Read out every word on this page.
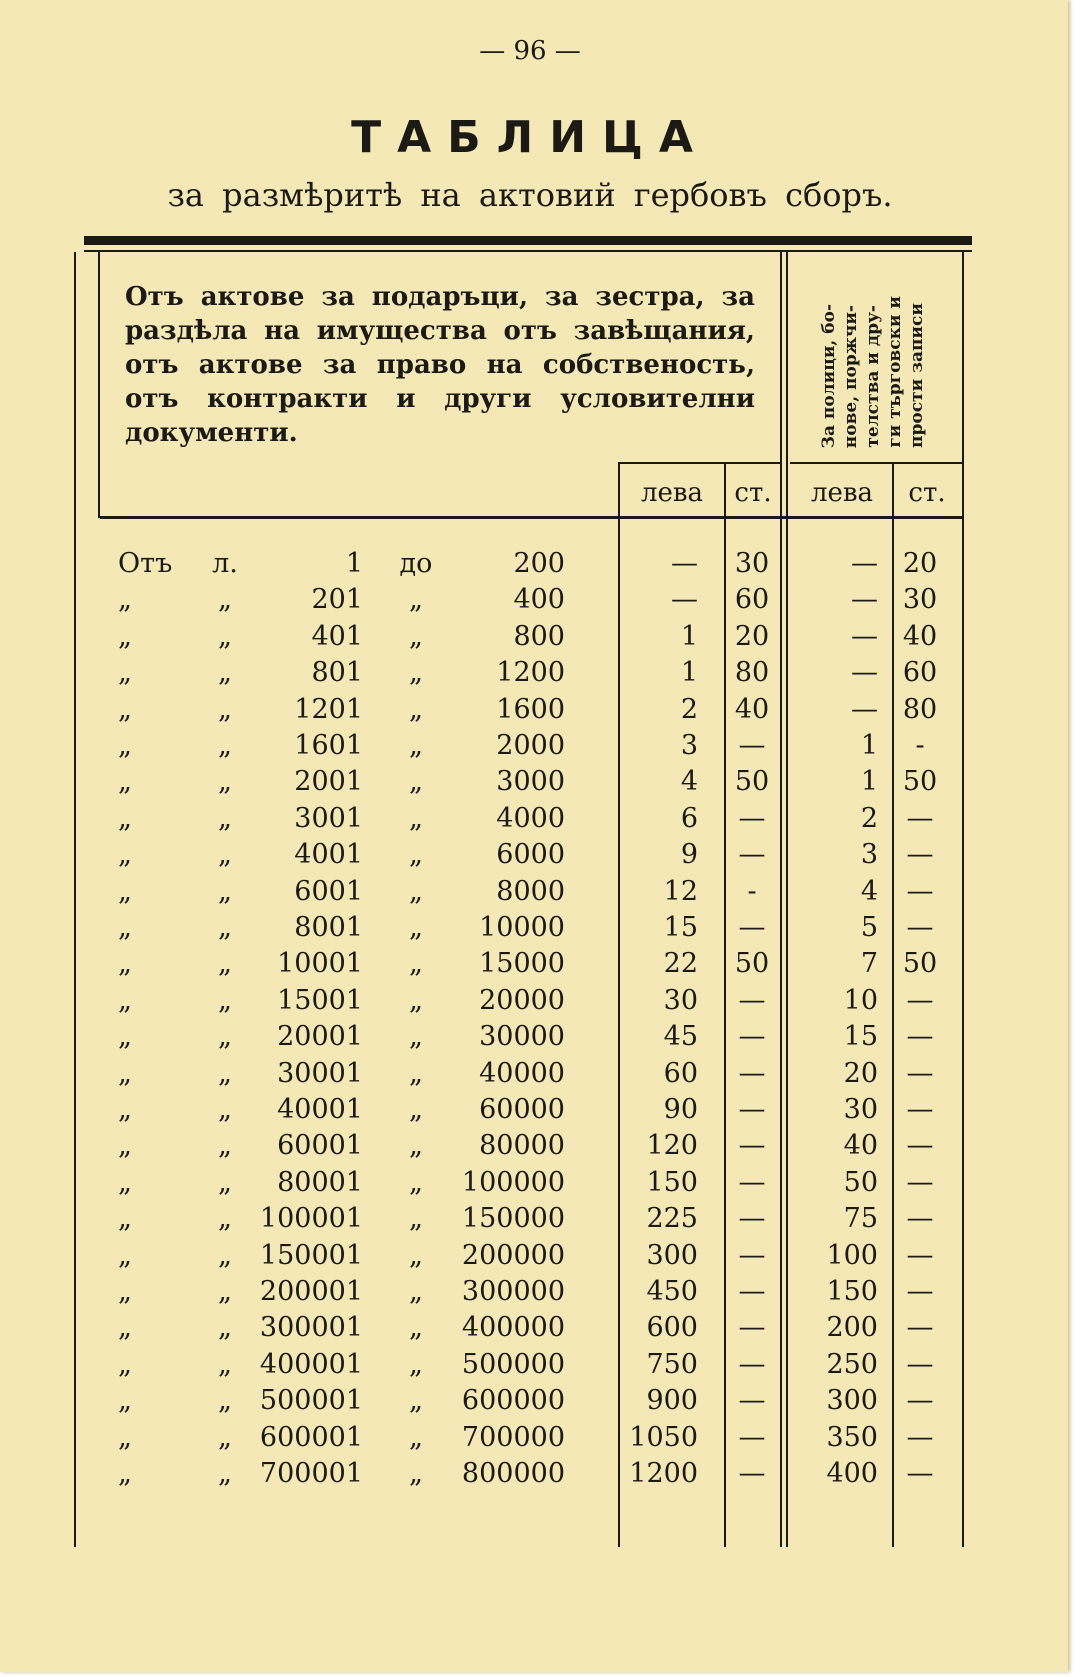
— 96 —
ТАБЛИЦА
за размѣритѣ на актовий гербовъ сборъ.
Отъ актове за подаръци, за зестра, за раздѣла на имущества отъ завѣщания, отъ актове за право на собственость, отъ контракти и други условителни документи.	За полици, бо- нове, поржчи- телства и дру- ги търговски и прости записи
лева	ст.	лева	ст.
Отъ	л.	1	до	200	—	30	— 20
„	„	201	„	400	—	60	— 30
„	„	401	„	800	1	20	— 40
„	„	801	„	1200	1	80	— 60
„	„	1201	„	1600	2	40	— 80
„	„	1601	„	2000	3	—	1	-
„	„	2001	„	3000	4	50	1 50
„	„	3001	„	4000	6	—	2	—
„	„	4001	„	6000	9	—	3	—
„	„	6001	„	8000	12	-	4	—
„	„	8001	„	10000	15	—	5	—
„	„	10001	„	15000	22	50	7 50
„	„	15001	„	20000	30	—	10	—
„	„	20001	„	30000	45	—	15	—
„	„	30001	„	40000	60	—	20	—
„	„	40001	„	60000	90	—	30	—
„	„	60001	„	80000	120	—	40	—
„	„	80001	„	100000	150	—	50	—
„	„	100001	„	150000	225	—	75	—
„	„	150001	„	200000	300	—	100	—
„	„	200001	„	300000	450	—	150	—
„	„	300001	„	400000	600	—	200	—
„	„	400001	„	500000	750	—	250	—
„	„	500001	„	600000	900	—	300	—
„	„	600001	„	700000	1050	—	350	—
„	„	700001	„	800000	1200	—	400	—
